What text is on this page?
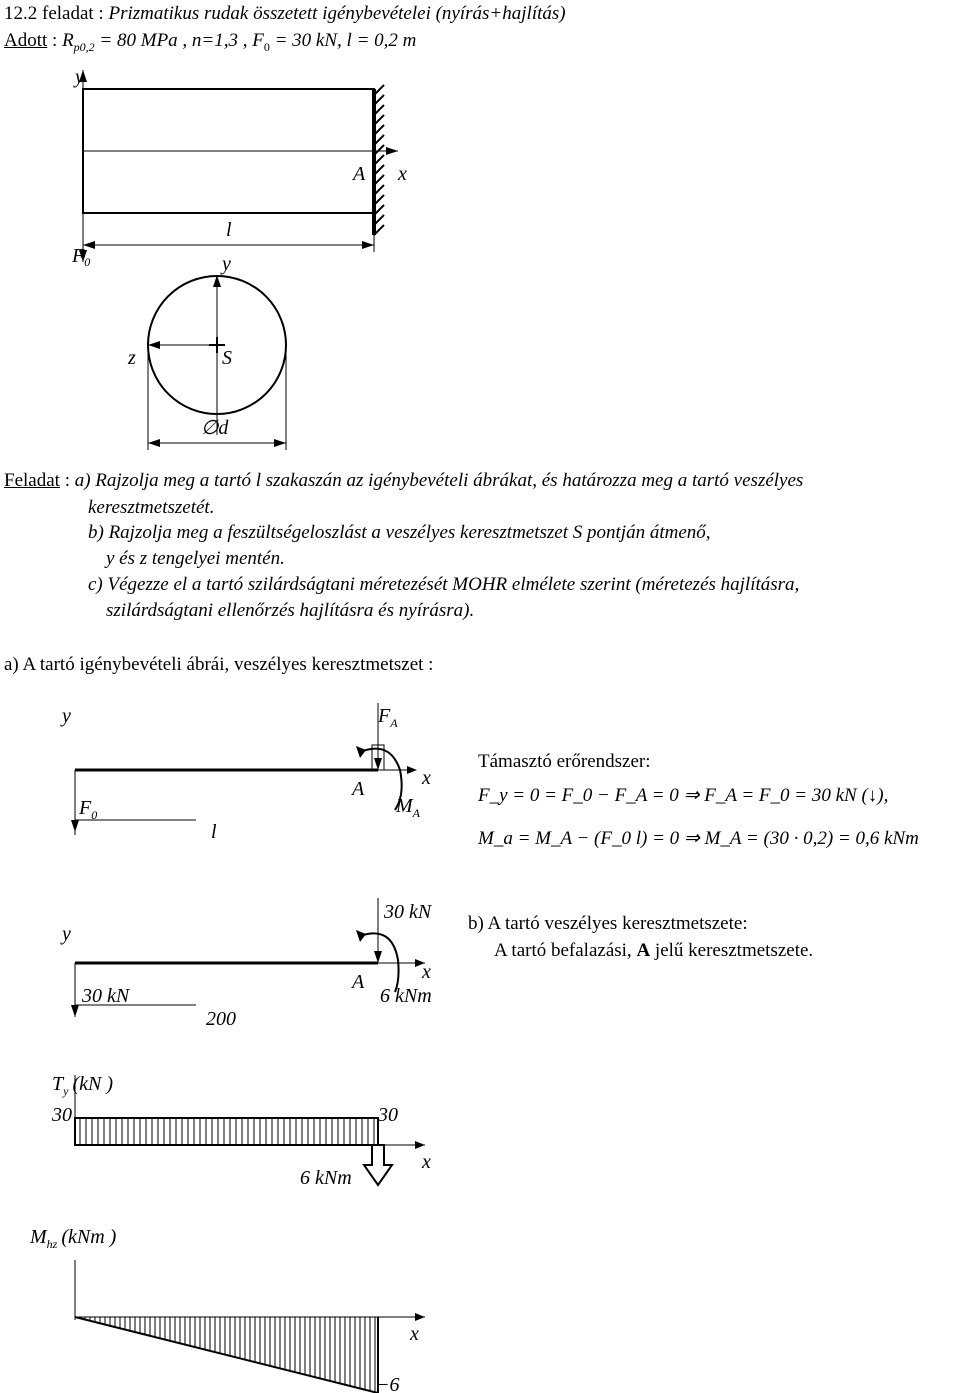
12.2 feladat : Prizmatikus rudak összetett igénybevételei (nyírás+hajlítás)
Adott : $R_{p0,2} = 80$ MPa , n=1,3 , $F_0 = 30$ kN, l = 0,2 m
y
A x
$F_0$
l
y
z	S
∅d
Feladat : a) Rajzolja meg a tartó l szakaszán az igénybevételi ábrákat, és határozza meg a tartó veszélyes
keresztmetszetét.
b) Rajzolja meg a feszültségeloszlást a veszélyes keresztmetszet S pontján átmenő,
y és z tengelyei mentén.
c) Végezze el a tartó szilárdságtani méretezését MOHR elmélete szerint (méretezés hajlításra,
szilárdságtani ellenőrzés hajlításra és nyírásra).
a) A tartó igénybevételi ábrái, veszélyes keresztmetszet :
y	$F_A$
A	x
$M_A$
$F_0$
l
y
30 kN
A	x
6 kNm
30 kN
200
$T_y$ (kN )
30	30
x
6 kNm
$M_{hz}$ (kNm )
x
−6
Támasztó erőrendszer:
F_y = 0 = F_0 − F_A = 0 ⇒ F_A = F_0 = 30 kN (↓),
M_a = M_A − (F_0 l) = 0 ⇒ M_A = (30 · 0,2) = 0,6 kNm
b) A tartó veszélyes keresztmetszete:
A tartó befalazási, A jelű keresztmetszete.
